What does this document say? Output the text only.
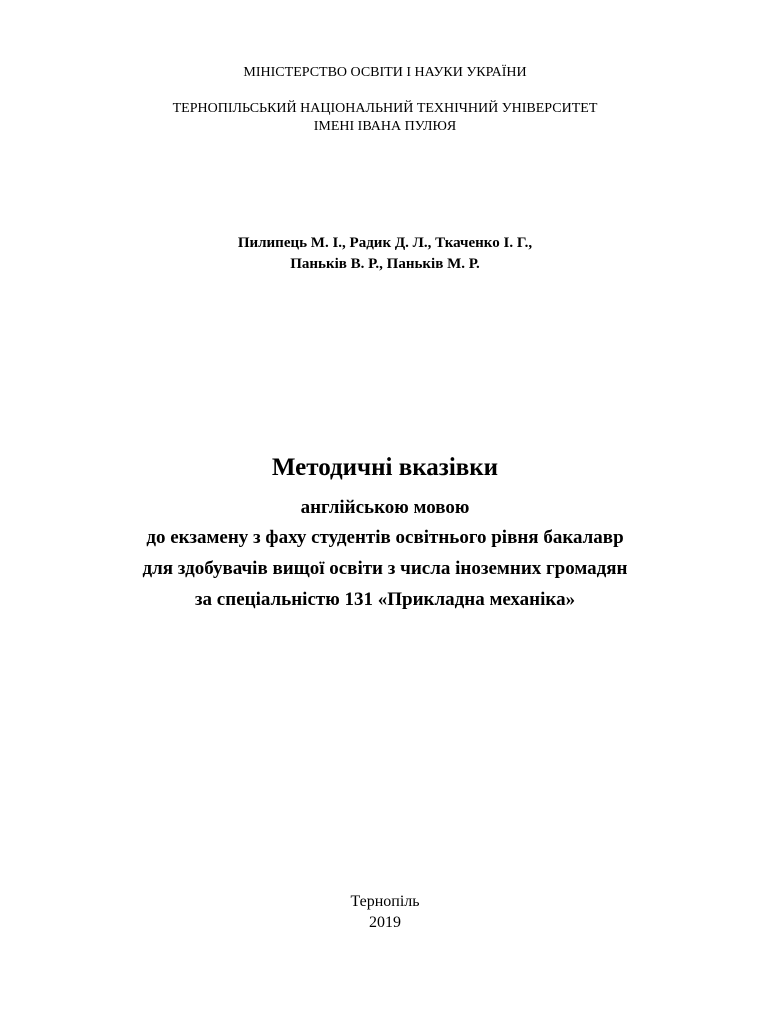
МІНІСТЕРСТВО ОСВІТИ І НАУКИ УКРАЇНИ
ТЕРНОПІЛЬСЬКИЙ НАЦІОНАЛЬНИЙ ТЕХНІЧНИЙ УНІВЕРСИТЕТ
ІМЕНІ ІВАНА ПУЛЮЯ
Пилипець М. І., Радик Д. Л., Ткаченко І. Г.,
Паньків В. Р., Паньків М. Р.
Методичні вказівки
англійською мовою
до екзамену з фаху студентів освітнього рівня бакалавр
для здобувачів вищої освіти з числа іноземних громадян
за спеціальністю 131 «Прикладна механіка»
Тернопіль
2019
